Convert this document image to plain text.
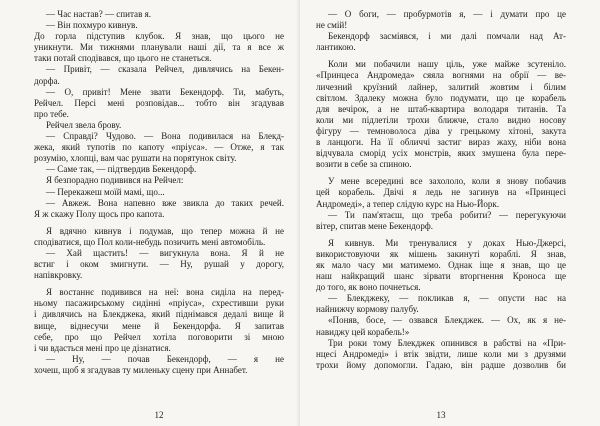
— Час настав? — спитав я.
— Він похмуро кивнув.
До горла підступив клубок. Я знав, що цього не
уникнути. Ми тижнями планували нашi дії, та я все ж
таки потай сподівався, що цього не станеться.
— Привіт, — сказала Рейчел, дивлячись на Бекен-
дорфа.
— О, привіт! Мене звати Бекендорф. Ти, мабуть,
Рейчел. Персі мені розповідав... тобто він згадував
про тебе.
Рейчел звела брову.
— Справді? Чудово. — Вона подивилася на Блекд-
жека, який тупотів по капоту «пріуса». — Отже, я так
розумію, хлопці, вам час рушати на порятунок світу.
— Саме так, — підтвердив Бекендорф.
Я безпорадно подивився на Рейчел:
— Перекажеш моїй мамі, що...
— Авжеж. Вона напевно вже звикла до таких речей.
Я ж скажу Полу щось про капота.
Я вдячно кивнув і подумав, що тепер можна й не
сподіватися, що Пол коли-небудь позичить мені автомобіль.
— Хай щастить! — вигукнула вона. Я й не
встиг і оком змигнути. — Ну, рушай у дорогу,
напівкровку.
Я востаннє подивився на неї: вона сиділа на перед-
ньому пасажирському сидінні «пріуса», схрестивши руки
і дивлячись на Блекджека, який піднімався дедалі вище й
вище, віднесучи мене й Бекендорфа. Я запитав
себе, про що Рейчел хотіла поговорити зі мною
і чи вдасться мені про це дізнатися.
— Ну, — почав Бекендорф, — я не
хочеш, щоб я згадував ту миленьку сцену при Аннабет.
12
— О боги, — пробурмотів я, — і думати про це
не смій!
Бекендорф засміявся, і ми далі помчали над Ат-
лантикою.
Коли ми побачили нашу ціль, уже майже зсутеніло.
«Принцеса Андромеда» сяяла вогнями на обрії — ве-
личезний круїзний лайнер, залитий жовтим і білим
світлом. Здалеку можна було подумати, що це корабель
для вечірок, а не штаб-квартира володаря титанів. Та
коли ми підлетіли трохи ближче, стало видно носову
фігуру — темноволоса діва у грецькому хітоні, закута
в ланцюги. На її обличчі застиг вираз жаху, ніби вона
відчувала сморід усіх монстрів, яких змушена була пере-
возити в себе за спиною.
У мене всередині все захололо, коли я знову побачив
цей корабель. Двічі я ледь не загинув на «Принцесі
Андромеді», а тепер слідую курс на Нью-Йорк.
— Ти пам'ятаєш, що треба робити? — перегукуючи
вітер, спитав мене Бекендорф.
Я кивнув. Ми тренувалися у доках Нью-Джерсі,
використовуючи як мішень закинуті кораблі. Я знав,
як мало часу ми матимемо. Однак іще я знав, що це
наш найкращий шанс зірвати вторгнення Кроноса ще
до того, як воно почнеться.
— Блекджеку, — покликав я, — опусти нас на
найнижчу кормову палубу.
«Поняв, босе, — озвався Блекджек. — Ох, як я не-
навиджу цей корабель!»
Три роки тому Блекджек опинився в рабстві на «При-
нцесі Андромеді» і втік звідти, лише коли ми з друзями
трохи йому допомогли. Гадаю, він радше дозволив би
13
